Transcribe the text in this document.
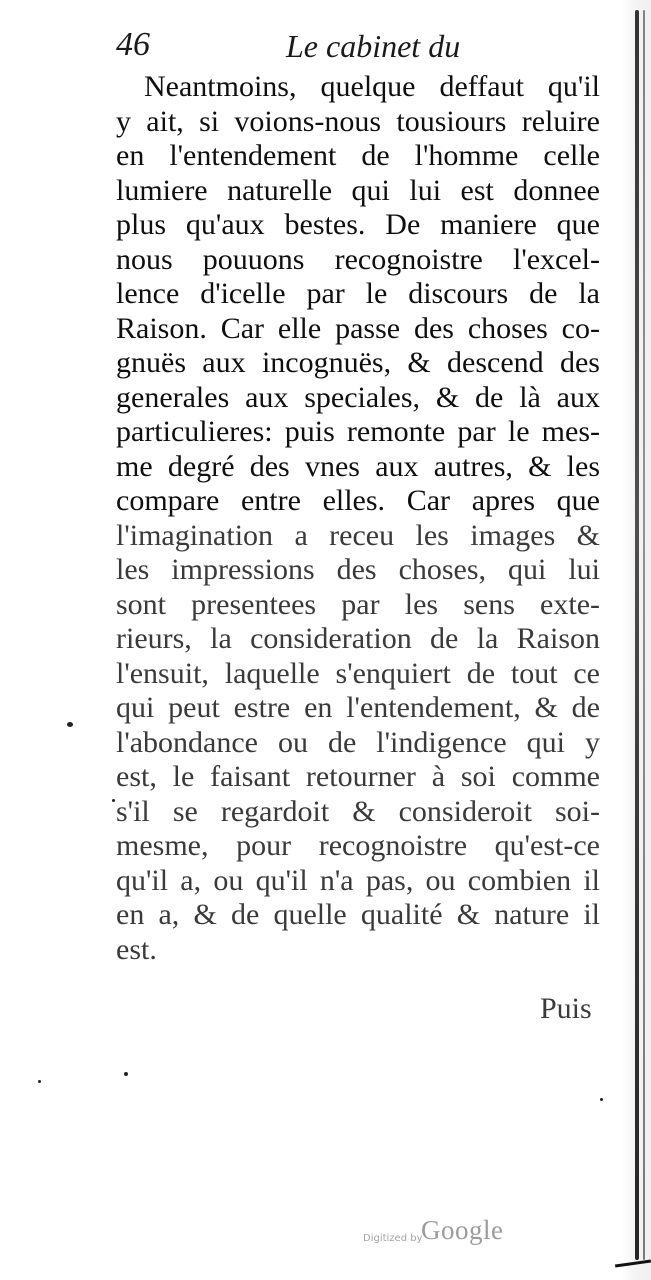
46	Le cabinet du
Neantmoins, quelque deffaut qu'il
y ait, si voions-nous tousiours reluire
en l'entendement de l'homme celle
lumiere naturelle qui lui est donnee
plus qu'aux bestes. De maniere que
nous pouuons recognoistre l'excel-
lence d'icelle par le discours de la
Raison. Car elle passe des choses co-
gnuës aux incognuës, & descend des
generales aux speciales, & de là aux
particulieres: puis remonte par le mes-
me degré des vnes aux autres, & les
compare entre elles. Car apres que
l'imagination a receu les images &
les impressions des choses, qui lui
sont presentees par les sens exte-
rieurs, la consideration de la Raison
l'ensuit, laquelle s'enquiert de tout ce
qui peut estre en l'entendement, & de
l'abondance ou de l'indigence qui y
est, le faisant retourner à soi comme
s'il se regardoit & consideroit soi-
mesme, pour recognoistre qu'est-ce
qu'il a, ou qu'il n'a pas, ou combien il
en a, & de quelle qualité & nature il
est.
Puis
Digitized by
Google
